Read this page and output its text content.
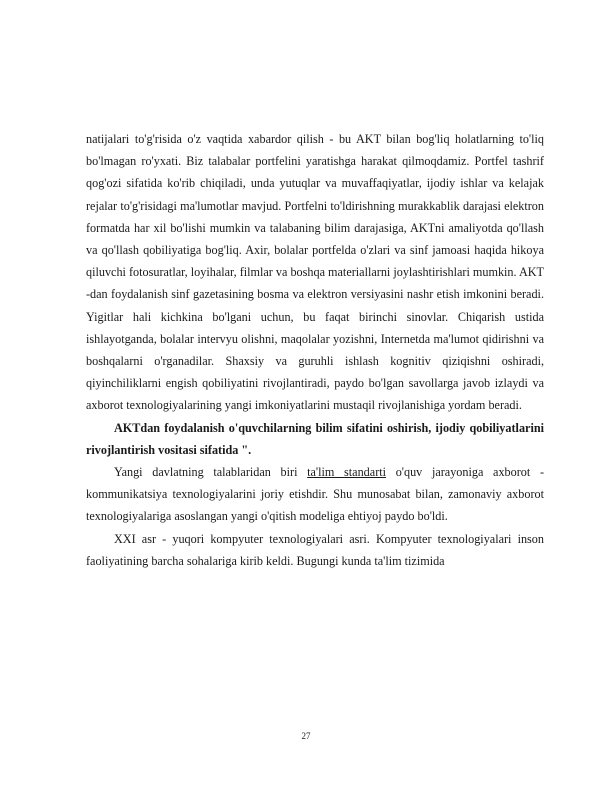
natijalari to'g'risida o'z vaqtida xabardor qilish - bu AKT bilan bog'liq holatlarning to'liq bo'lmagan ro'yxati. Biz talabalar portfelini yaratishga harakat qilmoqdamiz. Portfel tashrif qog'ozi sifatida ko'rib chiqiladi, unda yutuqlar va muvaffaqiyatlar, ijodiy ishlar va kelajak rejalar to'g'risidagi ma'lumotlar mavjud. Portfelni to'ldirishning murakkablik darajasi elektron formatda har xil bo'lishi mumkin va talabaning bilim darajasiga, AKTni amaliyotda qo'llash va qo'llash qobiliyatiga bog'liq. Axir, bolalar portfelda o'zlari va sinf jamoasi haqida hikoya qiluvchi fotosuratlar, loyihalar, filmlar va boshqa materiallarni joylashtirishlari mumkin. AKT -dan foydalanish sinf gazetasining bosma va elektron versiyasini nashr etish imkonini beradi. Yigitlar hali kichkina bo'lgani uchun, bu faqat birinchi sinovlar. Chiqarish ustida ishlayotganda, bolalar intervyu olishni, maqolalar yozishni, Internetda ma'lumot qidirishni va boshqalarni o'rganadilar. Shaxsiy va guruhli ishlash kognitiv qiziqishni oshiradi, qiyinchiliklarni engish qobiliyatini rivojlantiradi, paydo bo'lgan savollarga javob izlaydi va axborot texnologiyalarining yangi imkoniyatlarini mustaqil rivojlanishiga yordam beradi.

AKTdan foydalanish o'quvchilarning bilim sifatini oshirish, ijodiy qobiliyatlarini rivojlantirish vositasi sifatida ".

Yangi davlatning talablaridan biri ta'lim standarti o'quv jarayoniga axborot - kommunikatsiya texnologiyalarini joriy etishdir. Shu munosabat bilan, zamonaviy axborot texnologiyalariga asoslangan yangi o'qitish modeliga ehtiyoj paydo bo'ldi.

XXI asr - yuqori kompyuter texnologiyalari asri. Kompyuter texnologiyalari inson faoliyatining barcha sohalariga kirib keldi. Bugungi kunda ta'lim tizimida

27
